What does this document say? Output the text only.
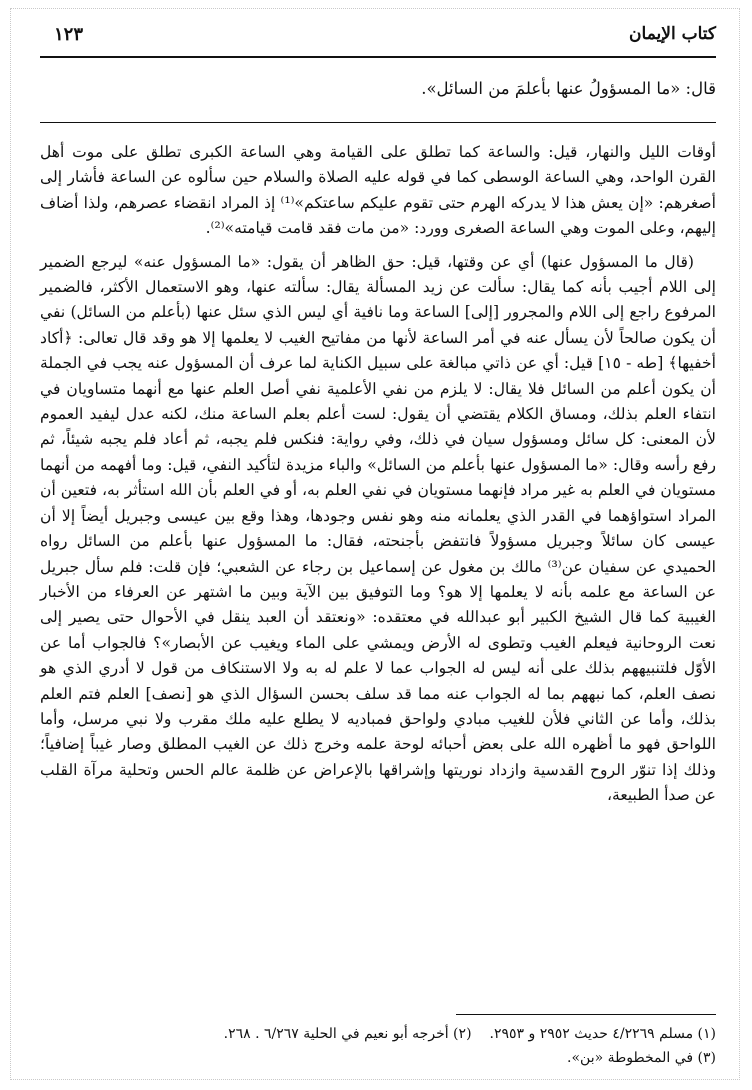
كتاب الإيمان
١٢٣
قال: «ما المسؤولُ عنها بأعلمَ من السائل».

أوقات الليل والنهار، قيل: والساعة كما تطلق على القيامة وهي الساعة الكبرى تطلق على موت أهل القرن الواحد، وهي الساعة الوسطى كما في قوله عليه الصلاة والسلام حين سألوه عن الساعة فأشار إلى أصغرهم: «إن يعش هذا لا يدركه الهرم حتى تقوم عليكم ساعتكم»⁽¹⁾ إذ المراد انقضاء عصرهم، ولذا أضاف إليهم، وعلى الموت وهي الساعة الصغرى وورد: «من مات فقد قامت قيامته»⁽²⁾.

(قال ما المسؤول عنها) أي عن وقتها، قيل: حق الظاهر أن يقول: «ما المسؤول عنه» ليرجع الضمير إلى اللام أجيب بأنه كما يقال: سألت عن زيد المسألة يقال: سألته عنها، وهو الاستعمال الأكثر، فالضمير المرفوع راجع إلى اللام والمجرور [إلى] الساعة وما نافية أي ليس الذي سئل عنها (بأعلم من السائل) نفي أن يكون صالحاً لأن يسأل عنه في أمر الساعة لأنها من مفاتيح الغيب لا يعلمها إلا هو وقد قال تعالى: ﴿أكاد أخفيها﴾ [طه - ١٥] قيل: أي عن ذاتي مبالغة على سبيل الكناية لما عرف أن المسؤول عنه يجب في الجملة أن يكون أعلم من السائل فلا يقال: لا يلزم من نفي الأعلمية نفي أصل العلم عنها مع أنهما متساويان في انتفاء العلم بذلك، ومساق الكلام يقتضي أن يقول: لست أعلم بعلم الساعة منك، لكنه عدل ليفيد العموم لأن المعنى: كل سائل ومسؤول سيان في ذلك، وفي رواية: فنكس فلم يجبه، ثم أعاد فلم يجبه شيئاً، ثم رفع رأسه وقال: «ما المسؤول عنها بأعلم من السائل» والباء مزيدة لتأكيد النفي، قيل: وما أفهمه من أنهما مستويان في العلم به غير مراد فإنهما مستويان في نفي العلم به، أو في العلم بأن الله استأثر به، فتعين أن المراد استواؤهما في القدر الذي يعلمانه منه وهو نفس وجودها، وهذا وقع بين عيسى وجبريل أيضاً إلا أن عيسى كان سائلاً وجبريل مسؤولاً فانتفض بأجنحته، فقال: ما المسؤول عنها بأعلم من السائل رواه الحميدي عن سفيان عن⁽³⁾ مالك بن مغول عن إسماعيل بن رجاء عن الشعبي؛ فإن قلت: فلم سأل جبريل عن الساعة مع علمه بأنه لا يعلمها إلا هو؟ وما التوفيق بين الآية وبين ما اشتهر عن العرفاء من الأخبار الغيبية كما قال الشيخ الكبير أبو عبدالله في معتقده: «ونعتقد أن العبد ينقل في الأحوال حتى يصير إلى نعت الروحانية فيعلم الغيب وتطوى له الأرض ويمشي على الماء ويغيب عن الأبصار»؟ فالجواب أما عن الأوّل فلتنبيههم بذلك على أنه ليس له الجواب عما لا علم له به ولا الاستنكاف من قول لا أدري الذي هو نصف العلم، كما نبههم بما له الجواب عنه مما قد سلف بحسن السؤال الذي هو [نصف] العلم فتم العلم بذلك، وأما عن الثاني فلأن للغيب مبادي ولواحق فمباديه لا يطلع عليه ملك مقرب ولا نبي مرسل، وأما اللواحق فهو ما أظهره الله على بعض أحبائه لوحة علمه وخرج ذلك عن الغيب المطلق وصار غيباً إضافياً؛ وذلك إذا تنوّر الروح القدسية وازداد نوريتها وإشراقها بالإعراض عن ظلمة عالم الحس وتحلية مرآة القلب عن صدأ الطبيعة،

(١) مسلم ٤/٢٢٦٩ حديث ٢٩٥٢ و ٢٩٥٣.(٢) أخرجه أبو نعيم في الحلية ٦/٢٦٧ . ٢٦٨.
(٣) في المخطوطة «بن».
